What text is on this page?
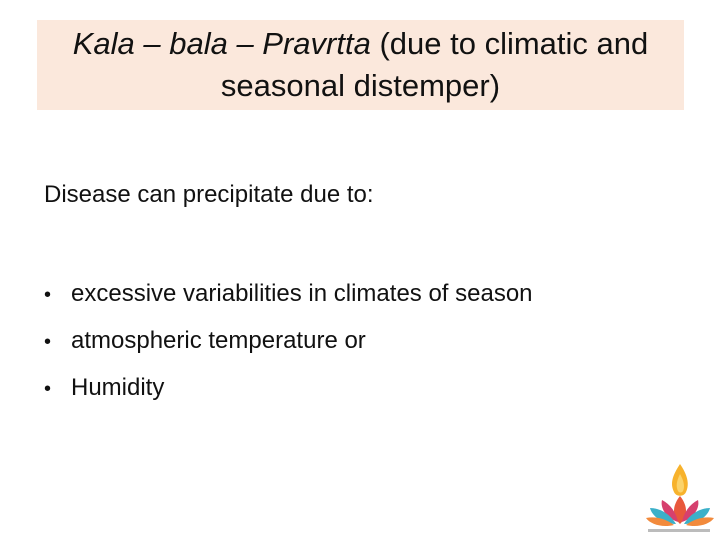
Kala – bala – Pravrtta (due to climatic and seasonal distemper)
Disease can precipitate due to:
• excessive variabilities in climates of season
• atmospheric temperature or
• Humidity
